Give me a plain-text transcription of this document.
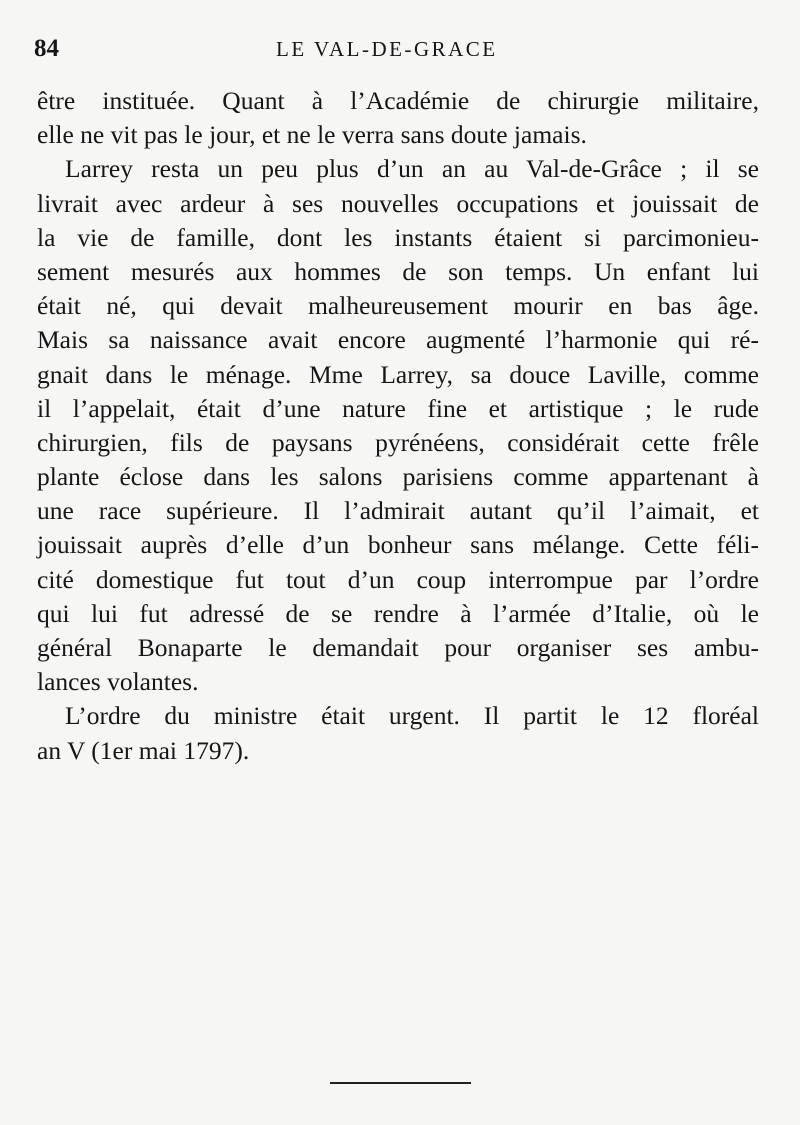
84	LE VAL-DE-GRACE
être instituée. Quant à l’Académie de chirurgie militaire,
elle ne vit pas le jour, et ne le verra sans doute jamais.
Larrey resta un peu plus d’un an au Val-de-Grâce ; il se
livrait avec ardeur à ses nouvelles occupations et jouissait de
la vie de famille, dont les instants étaient si parcimonieu-
sement mesurés aux hommes de son temps. Un enfant lui
était né, qui devait malheureusement mourir en bas âge.
Mais sa naissance avait encore augmenté l’harmonie qui ré-
gnait dans le ménage. Mme Larrey, sa douce Laville, comme
il l’appelait, était d’une nature fine et artistique ; le rude
chirurgien, fils de paysans pyrénéens, considérait cette frêle
plante éclose dans les salons parisiens comme appartenant à
une race supérieure. Il l’admirait autant qu’il l’aimait, et
jouissait auprès d’elle d’un bonheur sans mélange. Cette féli-
cité domestique fut tout d’un coup interrompue par l’ordre
qui lui fut adressé de se rendre à l’armée d’Italie, où le
général Bonaparte le demandait pour organiser ses ambu-
lances volantes.
L’ordre du ministre était urgent. Il partit le 12 floréal
an V (1er mai 1797).
